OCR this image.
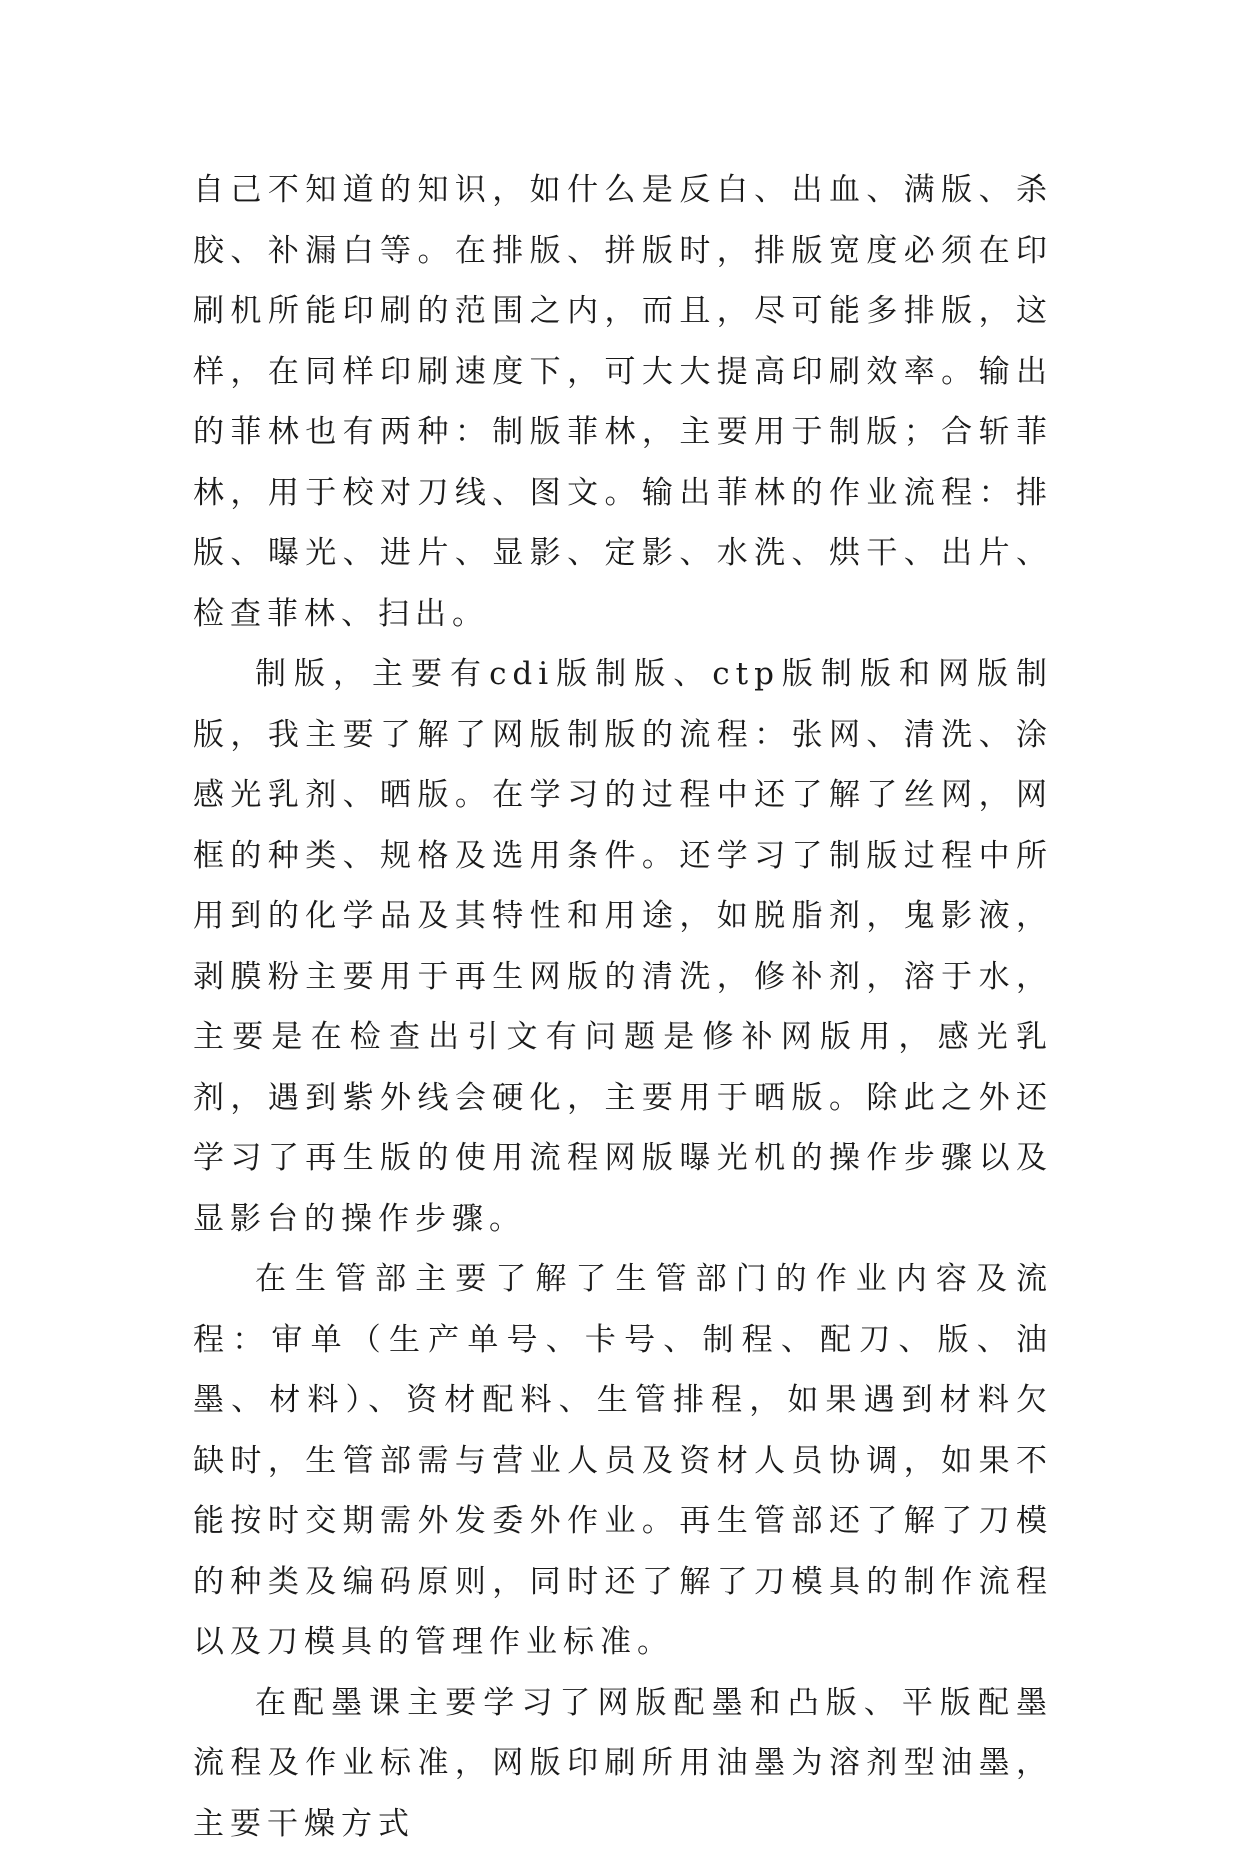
自己不知道的知识，如什么是反白、出血、满版、杀胶、补漏白等。在排版、拼版时，排版宽度必须在印刷机所能印刷的范围之内，而且，尽可能多排版，这样，在同样印刷速度下，可大大提高印刷效率。输出的菲林也有两种：制版菲林，主要用于制版；合斩菲林，用于校对刀线、图文。输出菲林的作业流程：排版、曝光、进片、显影、定影、水洗、烘干、出片、检查菲林、扫出。

制版，主要有cdi版制版、ctp版制版和网版制版，我主要了解了网版制版的流程：张网、清洗、涂感光乳剂、晒版。在学习的过程中还了解了丝网，网框的种类、规格及选用条件。还学习了制版过程中所用到的化学品及其特性和用途，如脱脂剂，鬼影液，剥膜粉主要用于再生网版的清洗，修补剂，溶于水，主要是在检查出引文有问题是修补网版用，感光乳剂，遇到紫外线会硬化，主要用于晒版。除此之外还学习了再生版的使用流程网版曝光机的操作步骤以及显影台的操作步骤。

在生管部主要了解了生管部门的作业内容及流程：审单（生产单号、卡号、制程、配刀、版、油墨、材料）、资材配料、生管排程，如果遇到材料欠缺时，生管部需与营业人员及资材人员协调，如果不能按时交期需外发委外作业。再生管部还了解了刀模的种类及编码原则，同时还了解了刀模具的制作流程以及刀模具的管理作业标准。

在配墨课主要学习了网版配墨和凸版、平版配墨流程及作业标准，网版印刷所用油墨为溶剂型油墨，主要干燥方式
